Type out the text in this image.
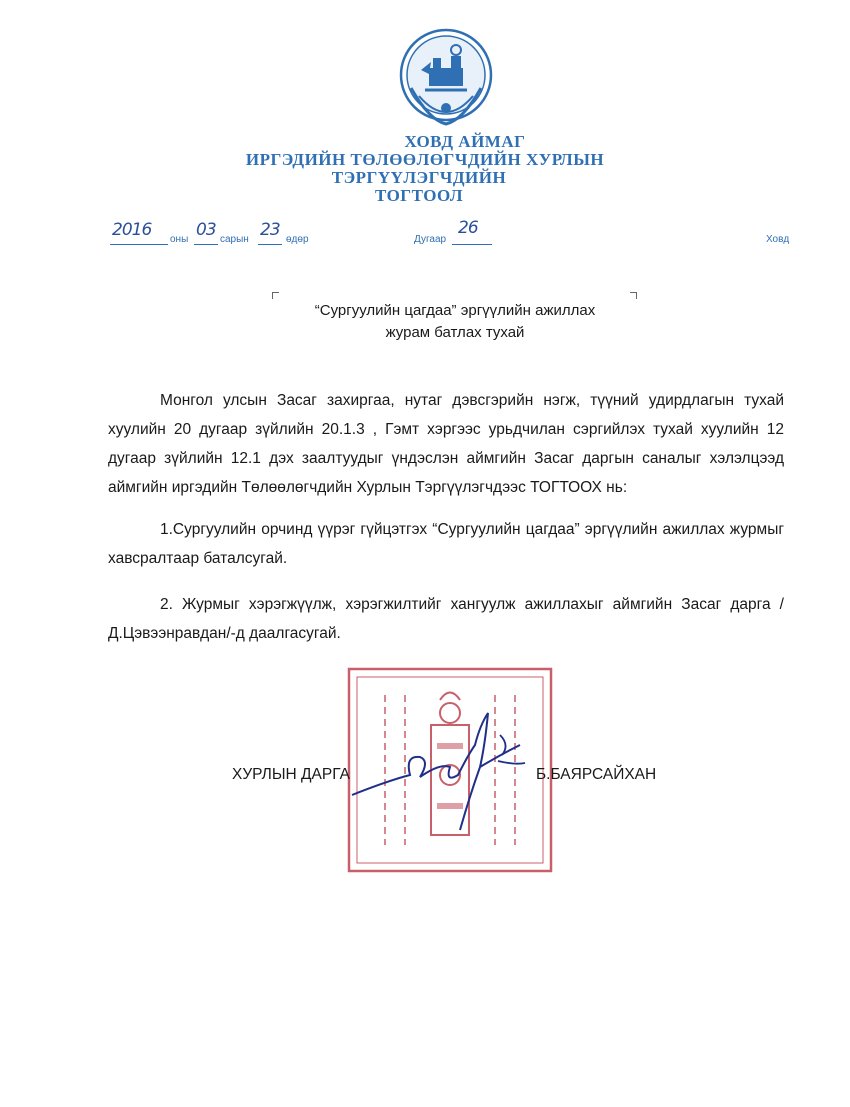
ХОВД АЙМАГ
ИРГЭДИЙН ТӨЛӨӨЛӨГЧДИЙН ХУРЛЫН
ТЭРГҮҮЛЭГЧДИЙН
ТОГТООЛ
2016 оны 03 сарын 23 өдөр	Дугаар
26
Ховд
“Сургуулийн цагдаа” эргүүлийн ажиллах
журам батлах тухай
Монгол улсын Засаг захиргаа, нутаг дэвсгэрийн нэгж, түүний удирдлагын тухай хуулийн 20 дугаар зүйлийн 20.1.3 , Гэмт хэргээс урьдчилан сэргийлэх тухай хуулийн 12 дугаар зүйлийн 12.1 дэх заалтуудыг үндэслэн аймгийн Засаг даргын саналыг хэлэлцээд аймгийн иргэдийн Төлөөлөгчдийн Хурлын Тэргүүлэгчдээс ТОГТООХ нь:
1.Сургуулийн орчинд үүрэг гүйцэтгэх “Сургуулийн цагдаа” эргүүлийн ажиллах журмыг хавсралтаар баталсугай.
2. Журмыг хэрэгжүүлж, хэрэгжилтийг хангуулж ажиллахыг аймгийн Засаг дарга /Д.Цэвээнравдан/-д даалгасугай.
ХУРЛЫН ДАРГА	Б.БАЯРСАЙХАН
